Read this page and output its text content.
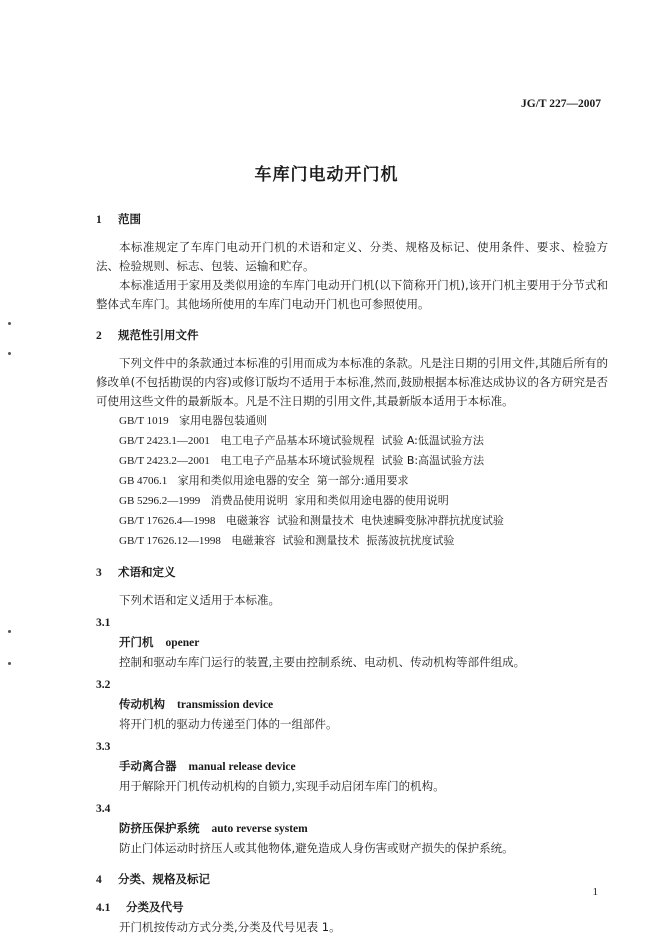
JG/T 227—2007
车库门电动开门机
1 范围
本标准规定了车库门电动开门机的术语和定义、分类、规格及标记、使用条件、要求、检验方法、检验规则、标志、包装、运输和贮存。
本标准适用于家用及类似用途的车库门电动开门机(以下简称开门机),该开门机主要用于分节式和整体式车库门。其他场所使用的车库门电动开门机也可参照使用。
2 规范性引用文件
下列文件中的条款通过本标准的引用而成为本标准的条款。凡是注日期的引用文件,其随后所有的修改单(不包括勘误的内容)或修订版均不适用于本标准,然而,鼓励根据本标准达成协议的各方研究是否可使用这些文件的最新版本。凡是不注日期的引用文件,其最新版本适用于本标准。
GB/T 1019 家用电器包装通则
GB/T 2423.1—2001 电工电子产品基本环境试验规程  试验 A:低温试验方法
GB/T 2423.2—2001 电工电子产品基本环境试验规程  试验 B:高温试验方法
GB 4706.1 家用和类似用途电器的安全  第一部分:通用要求
GB 5296.2—1999 消费品使用说明  家用和类似用途电器的使用说明
GB/T 17626.4—1998 电磁兼容  试验和测量技术  电快速瞬变脉冲群抗扰度试验
GB/T 17626.12—1998 电磁兼容  试验和测量技术  振荡波抗扰度试验
3 术语和定义
下列术语和定义适用于本标准。
3.1
开门机 opener
控制和驱动车库门运行的装置,主要由控制系统、电动机、传动机构等部件组成。
3.2
传动机构 transmission device
将开门机的驱动力传递至门体的一组部件。
3.3
手动离合器 manual release device
用于解除开门机传动机构的自锁力,实现手动启闭车库门的机构。
3.4
防挤压保护系统 auto reverse system
防止门体运动时挤压人或其他物体,避免造成人身伤害或财产损失的保护系统。
4 分类、规格及标记
4.1 分类及代号
开门机按传动方式分类,分类及代号见表 1。
1
